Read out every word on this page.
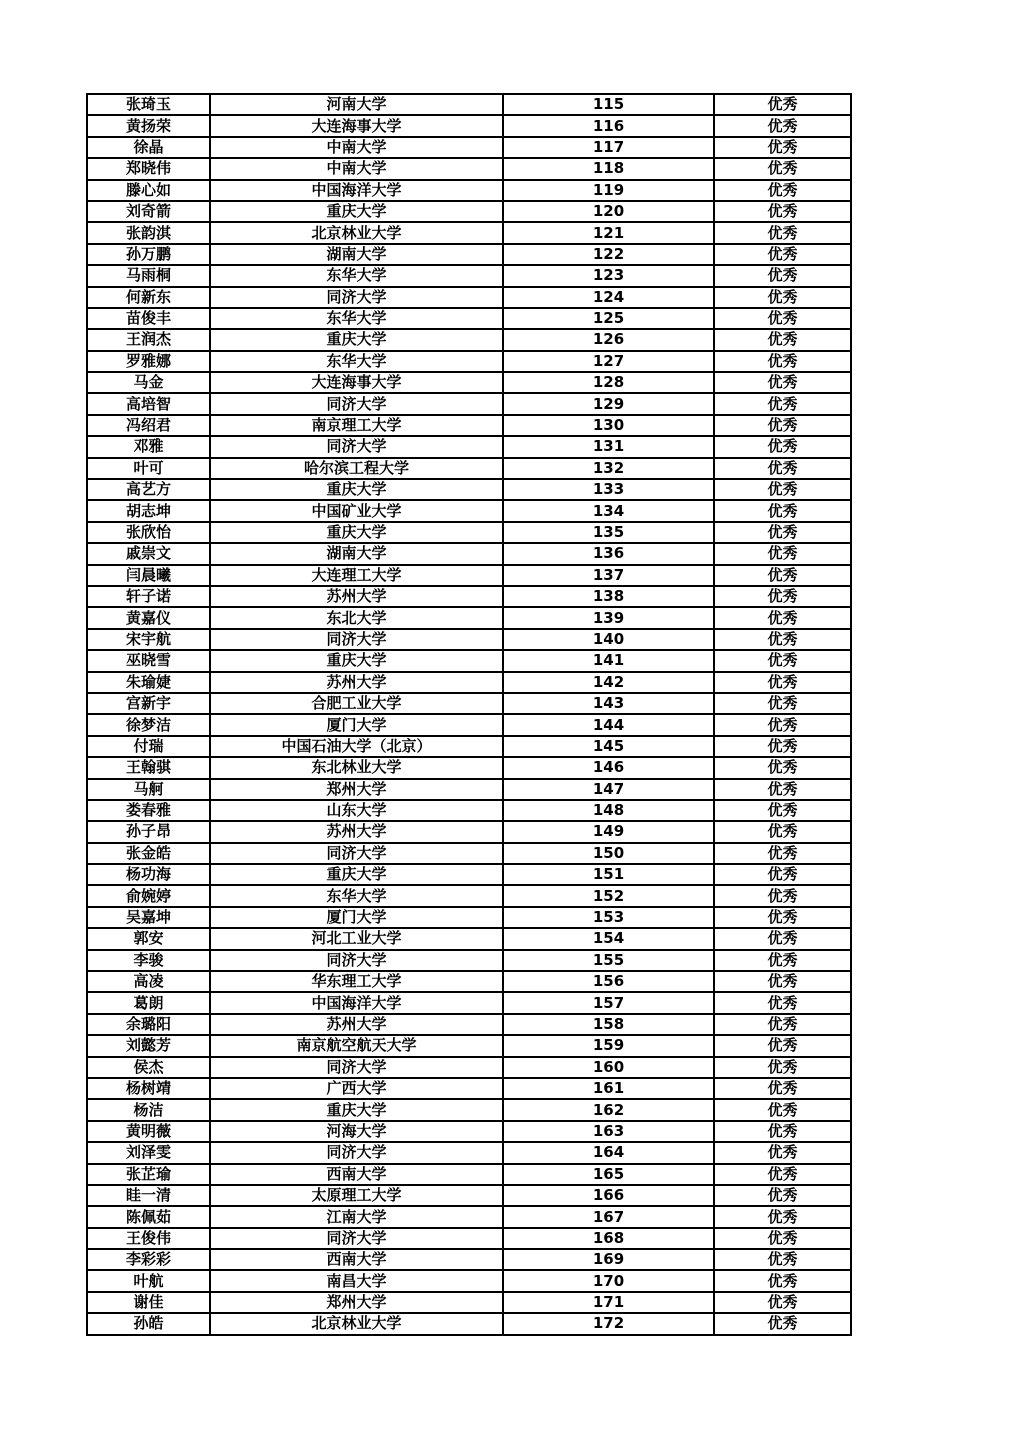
张琦玉	河南大学	115	优秀
黄扬荣	大连海事大学	116	优秀
徐晶	中南大学	117	优秀
郑晓伟	中南大学	118	优秀
滕心如	中国海洋大学	119	优秀
刘奇箭	重庆大学	120	优秀
张韵淇	北京林业大学	121	优秀
孙万鹏	湖南大学	122	优秀
马雨桐	东华大学	123	优秀
何新东	同济大学	124	优秀
苗俊丰	东华大学	125	优秀
王润杰	重庆大学	126	优秀
罗雅娜	东华大学	127	优秀
马金	大连海事大学	128	优秀
高培智	同济大学	129	优秀
冯绍君	南京理工大学	130	优秀
邓雅	同济大学	131	优秀
叶可	哈尔滨工程大学	132	优秀
高艺方	重庆大学	133	优秀
胡志坤	中国矿业大学	134	优秀
张欣怡	重庆大学	135	优秀
戚崇文	湖南大学	136	优秀
闫晨曦	大连理工大学	137	优秀
轩子诺	苏州大学	138	优秀
黄嘉仪	东北大学	139	优秀
宋宇航	同济大学	140	优秀
巫晓雪	重庆大学	141	优秀
朱瑜婕	苏州大学	142	优秀
宫新宇	合肥工业大学	143	优秀
徐梦洁	厦门大学	144	优秀
付瑞	中国石油大学（北京）	145	优秀
王翰骐	东北林业大学	146	优秀
马舸	郑州大学	147	优秀
娄春雅	山东大学	148	优秀
孙子昂	苏州大学	149	优秀
张金皓	同济大学	150	优秀
杨功海	重庆大学	151	优秀
俞婉婷	东华大学	152	优秀
吴嘉坤	厦门大学	153	优秀
郭安	河北工业大学	154	优秀
李骏	同济大学	155	优秀
高凌	华东理工大学	156	优秀
葛朗	中国海洋大学	157	优秀
余璐阳	苏州大学	158	优秀
刘懿芳	南京航空航天大学	159	优秀
侯杰	同济大学	160	优秀
杨树靖	广西大学	161	优秀
杨洁	重庆大学	162	优秀
黄明薇	河海大学	163	优秀
刘泽雯	同济大学	164	优秀
张芷瑜	西南大学	165	优秀
眭一清	太原理工大学	166	优秀
陈佩茹	江南大学	167	优秀
王俊伟	同济大学	168	优秀
李彩彩	西南大学	169	优秀
叶航	南昌大学	170	优秀
谢佳	郑州大学	171	优秀
孙皓	北京林业大学	172	优秀
